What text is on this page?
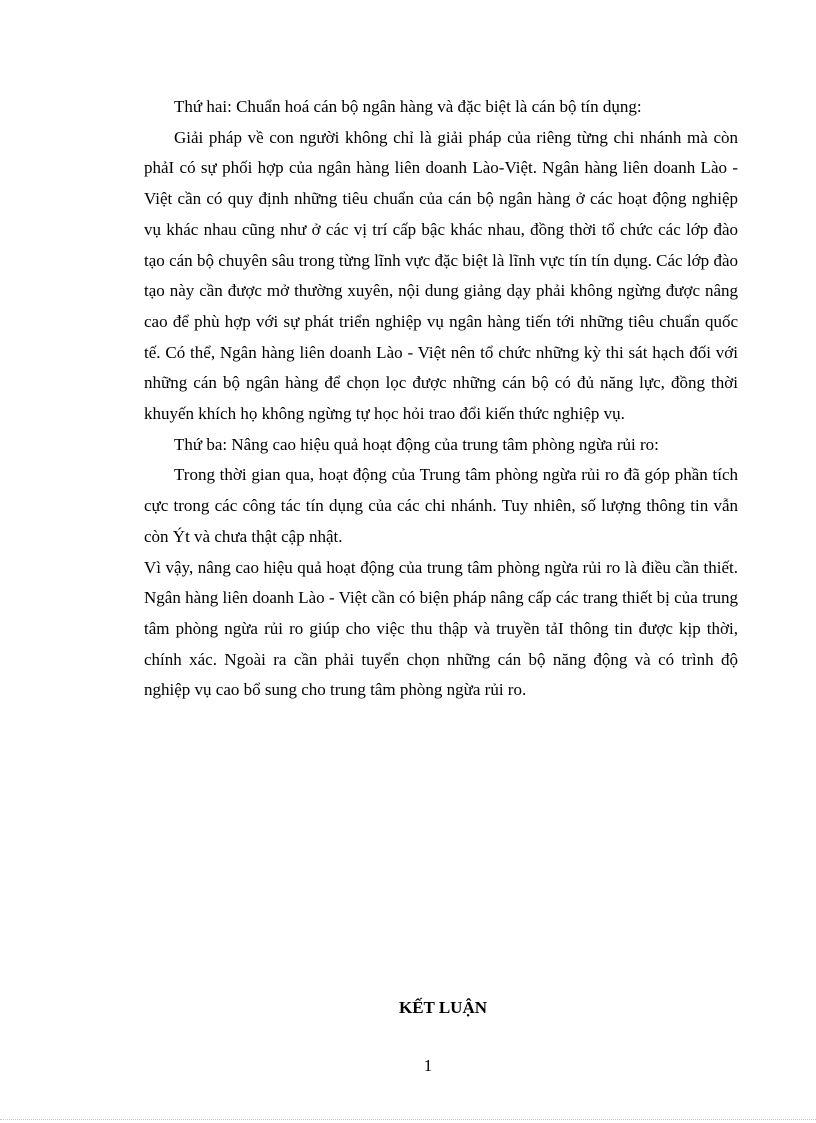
Thứ hai: Chuẩn hoá cán bộ ngân hàng và đặc biệt là cán bộ tín dụng:

Giải pháp về con người không chỉ là giải pháp của riêng từng chi nhánh mà còn phảI có sự phối hợp của ngân hàng liên doanh Lào-Việt. Ngân hàng liên doanh Lào - Việt cần có quy định những tiêu chuẩn của cán bộ ngân hàng ở các hoạt động nghiệp vụ khác nhau cũng như ở các vị trí cấp bậc khác nhau, đồng thời tổ chức các lớp đào tạo cán bộ chuyên sâu trong từng lĩnh vực đặc biệt là lĩnh vực tín tín dụng. Các lớp đào tạo này cần được mở thường xuyên, nội dung giảng dạy phải không ngừng được nâng cao để phù hợp với sự phát triển nghiệp vụ ngân hàng tiến tới những tiêu chuẩn quốc tế. Có thể, Ngân hàng liên doanh Lào - Việt nên tổ chức những kỳ thi sát hạch đối với những cán bộ ngân hàng để chọn lọc được những cán bộ có đủ năng lực, đồng thời khuyến khích họ không ngừng tự học hỏi trao đổi kiến thức nghiệp vụ.

Thứ ba: Nâng cao hiệu quả hoạt động của trung tâm phòng ngừa rủi ro:

Trong thời gian qua, hoạt động của Trung tâm phòng ngừa rủi ro đã góp phần tích cực trong các công tác tín dụng của các chi nhánh. Tuy nhiên, số lượng thông tin vẫn còn Ýt và chưa thật cập nhật.

Vì vậy, nâng cao hiệu quả hoạt động của trung tâm phòng ngừa rủi ro là điều cần thiết. Ngân hàng liên doanh Lào - Việt cần có biện pháp nâng cấp các trang thiết bị của trung tâm phòng ngừa rủi ro giúp cho việc thu thập và truyền tảI thông tin được kịp thời, chính xác. Ngoài ra cần phải tuyển chọn những cán bộ năng động và có trình độ nghiệp vụ cao bổ sung cho trung tâm phòng ngừa rủi ro.

KẾT LUẬN
1
